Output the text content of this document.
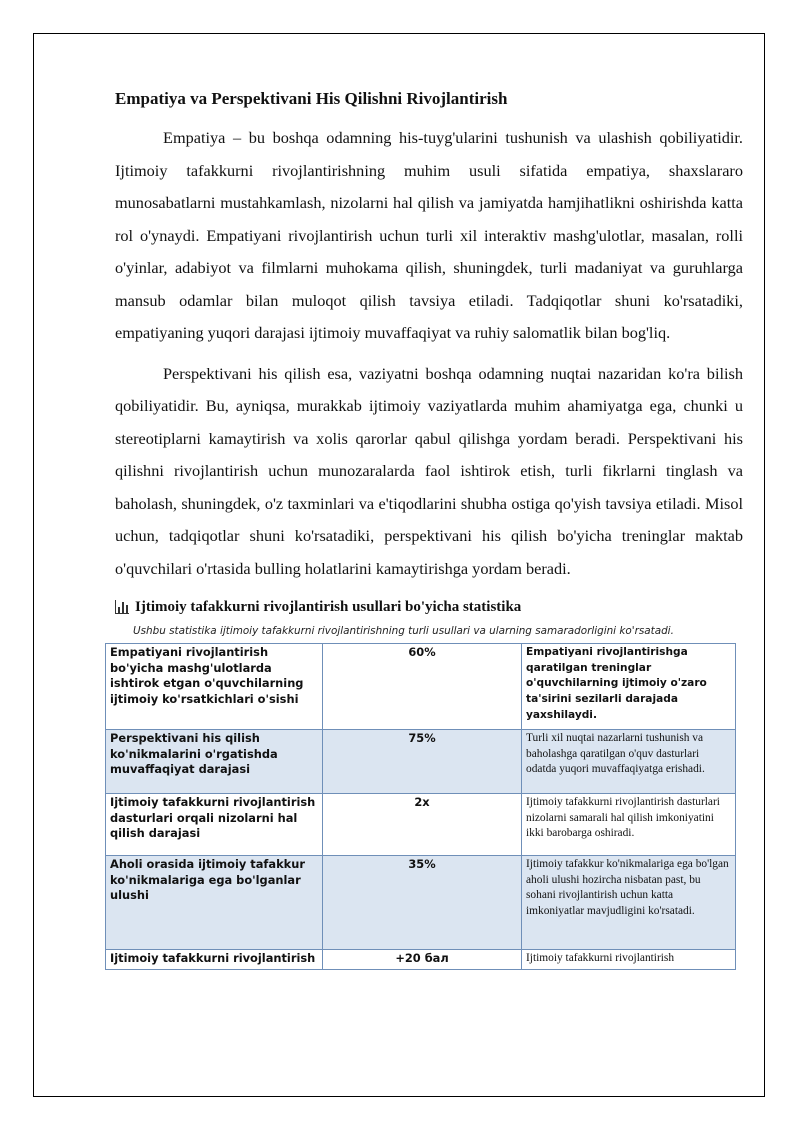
Empatiya va Perspektivani His Qilishni Rivojlantirish

Empatiya – bu boshqa odamning his-tuyg'ularini tushunish va ulashish qobiliyatidir. Ijtimoiy tafakkurni rivojlantirishning muhim usuli sifatida empatiya, shaxslararo munosabatlarni mustahkamlash, nizolarni hal qilish va jamiyatda hamjihatlikni oshirishda katta rol o'ynaydi. Empatiyani rivojlantirish uchun turli xil interaktiv mashg'ulotlar, masalan, rolli o'yinlar, adabiyot va filmlarni muhokama qilish, shuningdek, turli madaniyat va guruhlarga mansub odamlar bilan muloqot qilish tavsiya etiladi. Tadqiqotlar shuni ko'rsatadiki, empatiyaning yuqori darajasi ijtimoiy muvaffaqiyat va ruhiy salomatlik bilan bog'liq.

Perspektivani his qilish esa, vaziyatni boshqa odamning nuqtai nazaridan ko'ra bilish qobiliyatidir. Bu, ayniqsa, murakkab ijtimoiy vaziyatlarda muhim ahamiyatga ega, chunki u stereotiplarni kamaytirish va xolis qarorlar qabul qilishga yordam beradi. Perspektivani his qilishni rivojlantirish uchun munozaralarda faol ishtirok etish, turli fikrlarni tinglash va baholash, shuningdek, o'z taxminlari va e'tiqodlarini shubha ostiga qo'yish tavsiya etiladi. Misol uchun, tadqiqotlar shuni ko'rsatadiki, perspektivani his qilish bo'yicha treninglar maktab o'quvchilari o'rtasida bulling holatlarini kamaytirishga yordam beradi.

Ijtimoiy tafakkurni rivojlantirish usullari bo'yicha statistika
Ushbu statistika ijtimoiy tafakkurni rivojlantirishning turli usullari va ularning samaradorligini ko'rsatadi.
Empatiyani rivojlantirish bo'yicha mashg'ulotlarda ishtirok etgan o'quvchilarning ijtimoiy ko'rsatkichlari o'sishi	60%	Empatiyani rivojlantirishga qaratilgan treninglar o'quvchilarning ijtimoiy o'zaro ta'sirini sezilarli darajada yaxshilaydi.
Perspektivani his qilish ko'nikmalarini o'rgatishda muvaffaqiyat darajasi	75%	Turli xil nuqtai nazarlarni tushunish va baholashga qaratilgan o'quv dasturlari odatda yuqori muvaffaqiyatga erishadi.
Ijtimoiy tafakkurni rivojlantirish dasturlari orqali nizolarni hal qilish darajasi	2x	Ijtimoiy tafakkurni rivojlantirish dasturlari nizolarni samarali hal qilish imkoniyatini ikki barobarga oshiradi.
Aholi orasida ijtimoiy tafakkur ko'nikmalariga ega bo'lganlar ulushi	35%	Ijtimoiy tafakkur ko'nikmalariga ega bo'lgan aholi ulushi hozircha nisbatan past, bu sohani rivojlantirish uchun katta imkoniyatlar mavjudligini ko'rsatadi.
Ijtimoiy tafakkurni rivojlantirish	+20 бал	Ijtimoiy tafakkurni rivojlantirish
